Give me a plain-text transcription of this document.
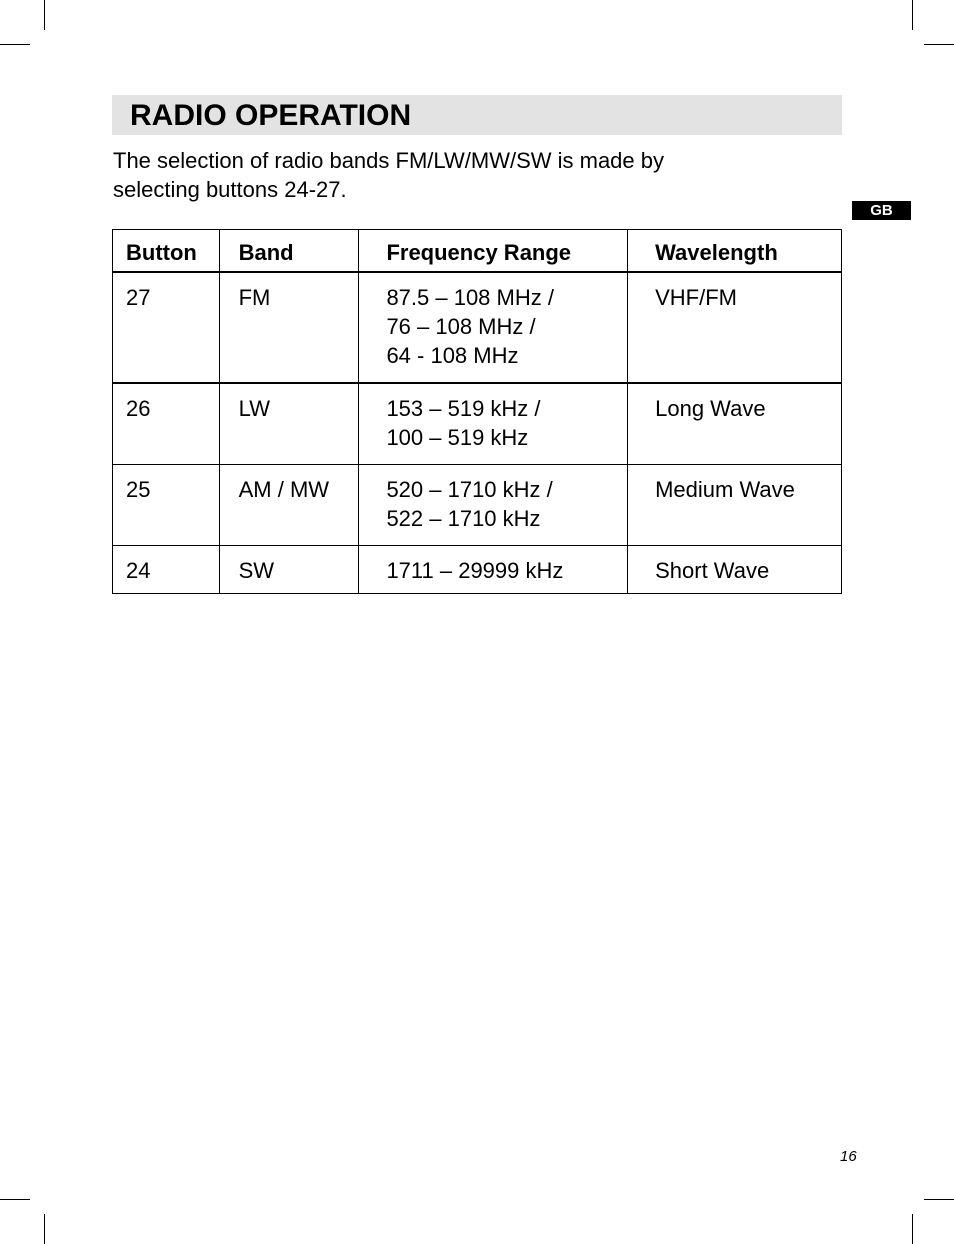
RADIO OPERATION
The selection of radio bands FM/LW/MW/SW is made by
selecting buttons 24-27.
GB
Button	Band	Frequency Range	Wavelength

27	FM	87.5 – 108 MHz /
76 – 108 MHz /
64 - 108 MHz	VHF/FM

26	LW	153 – 519 kHz /
100 – 519 kHz	Long Wave

25	AM / MW	520 – 1710 kHz /
522 – 1710 kHz	Medium Wave

24	SW	1711 – 29999 kHz	Short Wave
16
